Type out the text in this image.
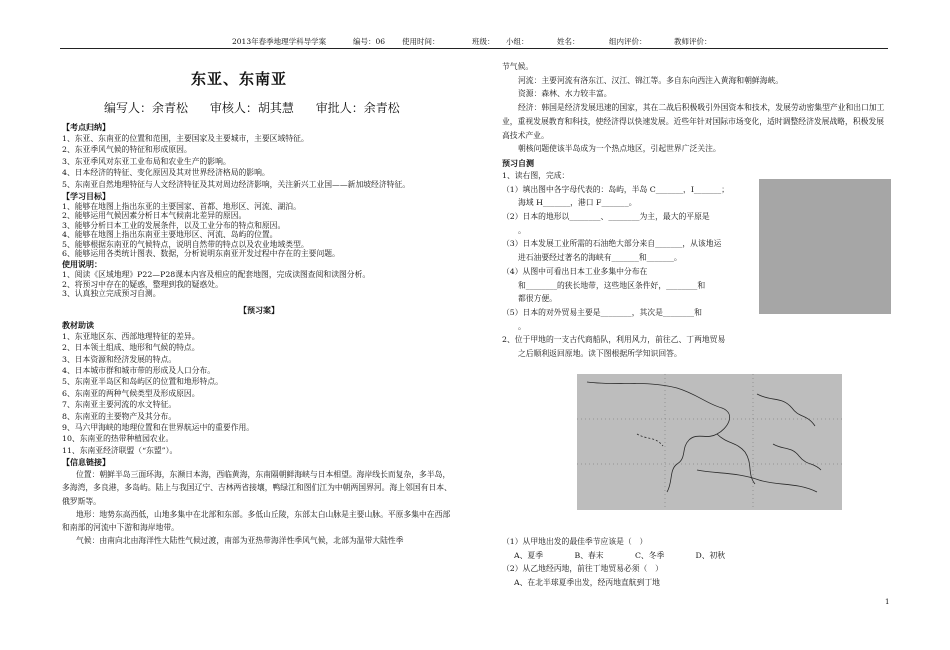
2013年春季地理学科导学案	编号：06 使用时间：	班级： 小组：	姓名：	组内评价：	教师评价：
东亚、东南亚
编写人：余青松 审核人：胡其慧 审批人：余青松
【考点归纳】
1、东亚、东南亚的位置和范围，主要国家及主要城市，主要区域特征。
2、东亚季风气候的特征和形成原因。
3、东亚季风对东亚工业布局和农业生产的影响。
4、日本经济的特征、变化原因及其对世界经济格局的影响。
5、东南亚自然地理特征与人文经济特征及其对周边经济影响，关注新兴工业国——新加坡经济特征。
【学习目标】
1、能够在地图上指出东亚的主要国家、首都、地形区、河流、湖泊。
2、能够运用气候因素分析日本气候南北差异的原因。
3、能够分析日本工业的发展条件，以及工业分布的特点和原因。
4、能够在地图上指出东南亚主要地形区、河流、岛屿的位置。
5、能够根据东南亚的气候特点，说明自然带的特点以及农业地域类型。
6、能够运用各类统计图表、数据，分析说明东南亚开发过程中存在的主要问题。
使用说明：
1、阅读《区域地理》P22—P28课本内容及相应的配套地图，完成读图查阅和读图分析。
2、将预习中存在的疑惑，整理到我的疑惑处。
3、认真独立完成预习自测。
【预习案】
教材助读
1、东亚地区东、西部地理特征的差异。
2、日本领土组成、地形和气候的特点。
3、日本资源和经济发展的特点。
4、日本城市群和城市带的形成及人口分布。
5、东南亚半岛区和岛屿区的位置和地形特点。
6、东南亚的两种气候类型及形成原因。
7、东南亚主要河流的水文特征。
8、东南亚的主要物产及其分布。
9、马六甲海峡的地理位置和在世界航运中的重要作用。
10、东南亚的热带种植园农业。
11、东南亚经济联盟（“东盟”）。
【信息链接】
位置：朝鲜半岛三面环海，东濒日本海，西临黄海，东南隔朝鲜海峡与日本相望。海岸线长而复杂，多半岛，多海湾，多良港，多岛屿。陆上与我国辽宁、吉林两省接壤，鸭绿江和图们江为中朝两国界河。海上邻国有日本、俄罗斯等。
地形：地势东高西低，山地多集中在北部和东部。多低山丘陵，东部太白山脉是主要山脉。平原多集中在西部和南部的河流中下游和海岸地带。
气候：由南向北由海洋性大陆性气候过渡，南部为亚热带海洋性季风气候，北部为温带大陆性季
节气候。
河流：主要河流有洛东江、汉江、锦江等。多自东向西注入黄海和朝鲜海峡。
资源：森林、水力较丰富。
经济：韩国是经济发展迅速的国家，其在二战后积极吸引外国资本和技术，发展劳动密集型产业和出口加工业，重视发展教育和科技，使经济得以快速发展。近些年针对国际市场变化，适时调整经济发展战略，积极发展高技术产业。
朝核问题使该半岛成为一个热点地区，引起世界广泛关注。
预习自测
1、读右图，完成：
（1）填出图中各字母代表的：岛屿，半岛 C_______，I_______；
海域 H_______，港口 F_______。
（2）日本的地形以________、________为主，最大的平原是
。
（3）日本发展工业所需的石油绝大部分来自_______，从该地运
进石油要经过著名的海峡有_______和_______。
（4）从图中可看出日本工业多集中分布在
和________的狭长地带，这些地区条件好，________和
都很方便。
（5）日本的对外贸易主要是________，其次是________和
。
2、位于甲地的一支古代商船队，利用风力，前往乙、丁两地贸易
之后顺利返回原地。读下图根据所学知识回答。
（1）从甲地出发的最佳季节应该是（　）
A、夏季	B、春末	C、冬季	D、初秋
（2）从乙地经丙地，前往丁地贸易必须（　）
A、在北半球夏季出发，经丙地直航到丁地
1
